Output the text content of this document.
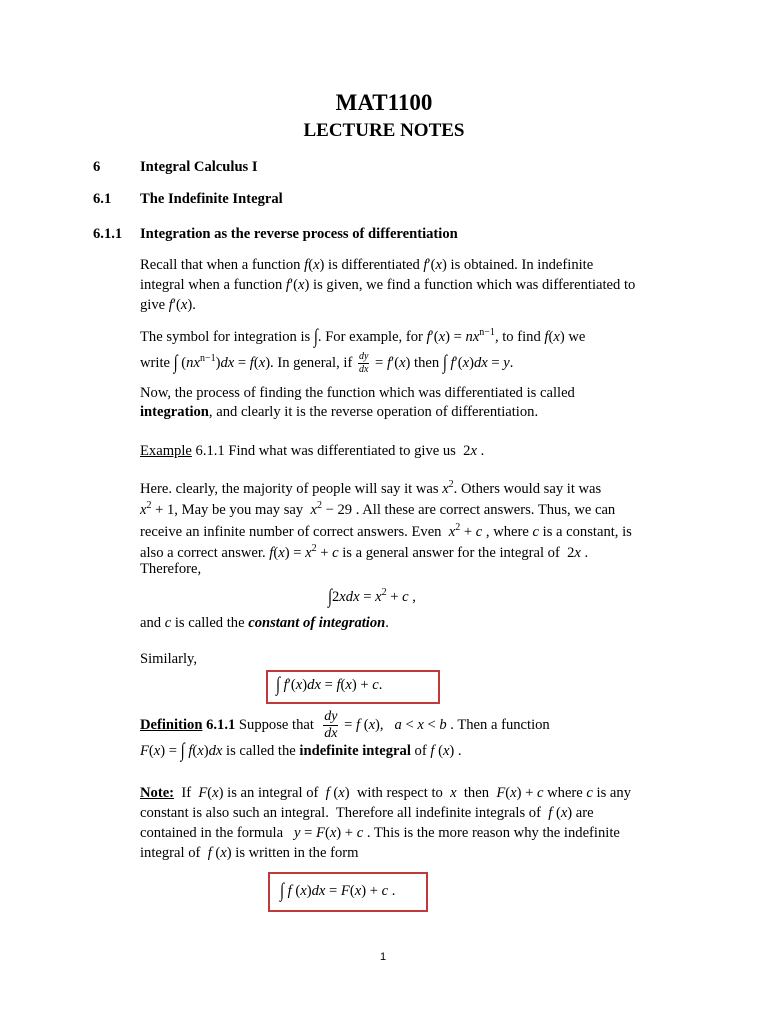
MAT1100
LECTURE NOTES
6	Integral Calculus I
6.1 The Indefinite Integral
6.1.1 Integration as the reverse process of differentiation
Recall that when a function f(x) is differentiated f′(x) is obtained. In indefinite
integral when a function f′(x) is given, we find a function which was differentiated to
give f′(x).
The symbol for integration is ∫. For example, for $f'(x) = nx^{n-1}$, to find f(x) we
write ∫ $(nx^{n-1})dx = f(x)$. In general, if $\frac{dy}{dx} = f'(x)$ then ∫ f′(x)dx = y.
Now, the process of finding the function which was differentiated is called
integration, and clearly it is the reverse operation of differentiation.
Example 6.1.1 Find what was differentiated to give us  2x .
Here. clearly, the majority of people will say it was $x^2$. Others would say it was
$x^2 + 1$, May be you may say  $x^2 - 29$ . All these are correct answers. Thus, we can
receive an infinite number of correct answers. Even  $x^2 + c$ , where c is a constant, is
also a correct answer. $f(x) = x^2 + c$ is a general answer for the integral of  2x .
Therefore,
$\int 2xdx = x^2 + c$ ,
and c is called the constant of integration.
Similarly,
∫ f′(x)dx = f(x) + c.
Definition 6.1.1 Suppose that $\frac{dy}{dx} = f$ (x),   a < x < b . Then a function
F(x) = ∫ f(x)dx is called the indefinite integral of f (x) .
Note:  If  F(x) is an integral of  f (x)  with respect to  x  then  F(x) + c where c is any
constant is also such an integral.  Therefore all indefinite integrals of  f (x) are
contained in the formula   y = F(x) + c . This is the more reason why the indefinite
integral of  f (x) is written in the form
∫ f (x)dx = F(x) + c .
1
